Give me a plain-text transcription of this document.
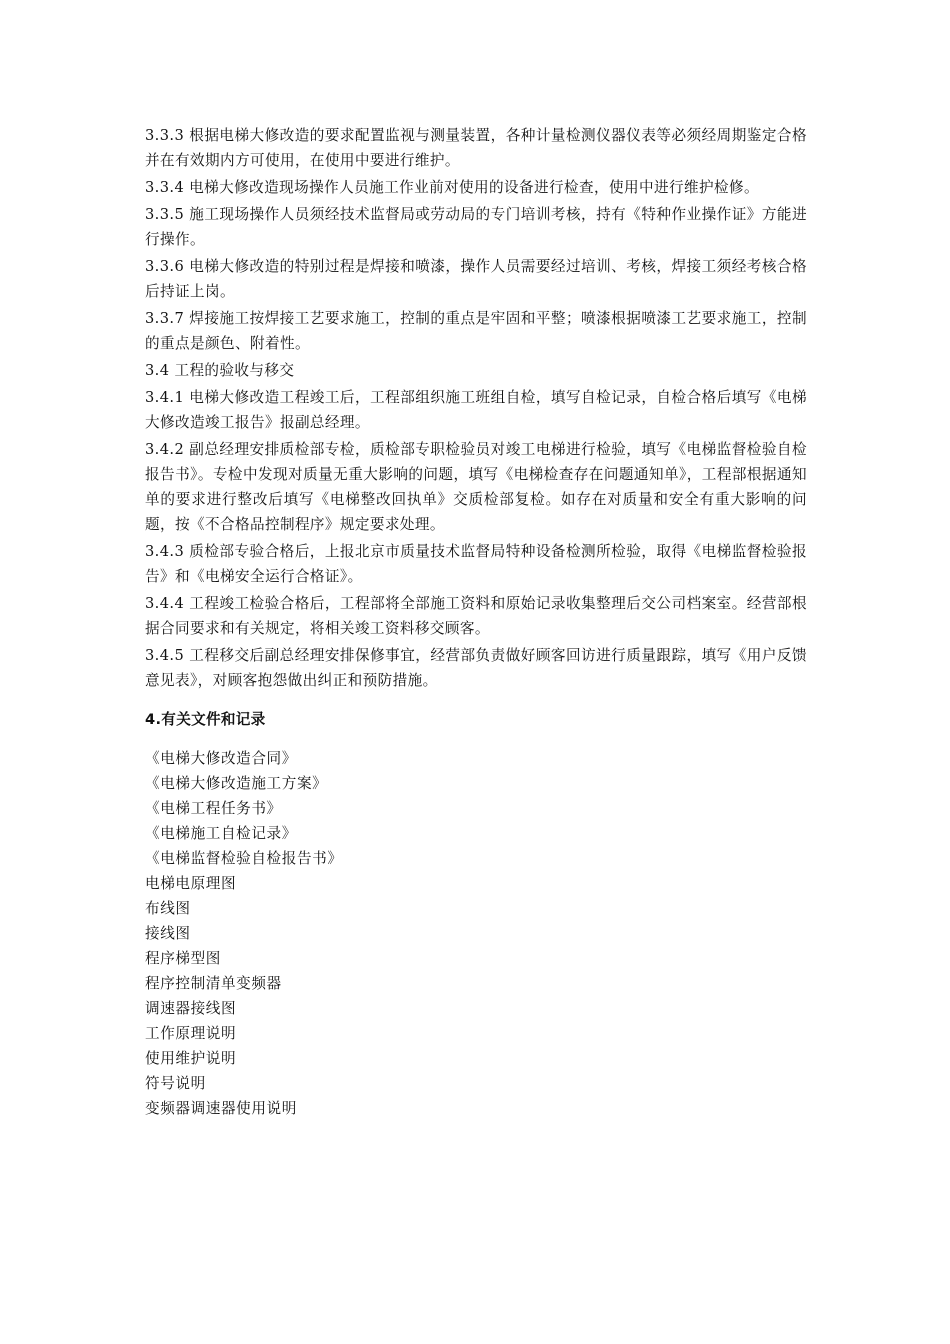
3.3.3 根据电梯大修改造的要求配置监视与测量装置，各种计量检测仪器仪表等必须经周期鉴定合格并在有效期内方可使用，在使用中要进行维护。

3.3.4 电梯大修改造现场操作人员施工作业前对使用的设备进行检查，使用中进行维护检修。

3.3.5 施工现场操作人员须经技术监督局或劳动局的专门培训考核，持有《特种作业操作证》方能进行操作。

3.3.6 电梯大修改造的特别过程是焊接和喷漆，操作人员需要经过培训、考核，焊接工须经考核合格后持证上岗。

3.3.7 焊接施工按焊接工艺要求施工，控制的重点是牢固和平整；喷漆根据喷漆工艺要求施工，控制的重点是颜色、附着性。

3.4 工程的验收与移交

3.4.1 电梯大修改造工程竣工后，工程部组织施工班组自检，填写自检记录，自检合格后填写《电梯大修改造竣工报告》报副总经理。

3.4.2 副总经理安排质检部专检，质检部专职检验员对竣工电梯进行检验，填写《电梯监督检验自检报告书》。专检中发现对质量无重大影响的问题，填写《电梯检查存在问题通知单》，工程部根据通知单的要求进行整改后填写《电梯整改回执单》交质检部复检。如存在对质量和安全有重大影响的问题，按《不合格品控制程序》规定要求处理。

3.4.3 质检部专验合格后，上报北京市质量技术监督局特种设备检测所检验，取得《电梯监督检验报告》和《电梯安全运行合格证》。

3.4.4 工程竣工检验合格后，工程部将全部施工资料和原始记录收集整理后交公司档案室。经营部根据合同要求和有关规定，将相关竣工资料移交顾客。

3.4.5 工程移交后副总经理安排保修事宜，经营部负责做好顾客回访进行质量跟踪，填写《用户反馈意见表》，对顾客抱怨做出纠正和预防措施。

4.有关文件和记录
《电梯大修改造合同》
《电梯大修改造施工方案》
《电梯工程任务书》
《电梯施工自检记录》
《电梯监督检验自检报告书》
电梯电原理图
布线图
接线图
程序梯型图
程序控制清单变频器
调速器接线图
工作原理说明
使用维护说明
符号说明
变频器调速器使用说明
